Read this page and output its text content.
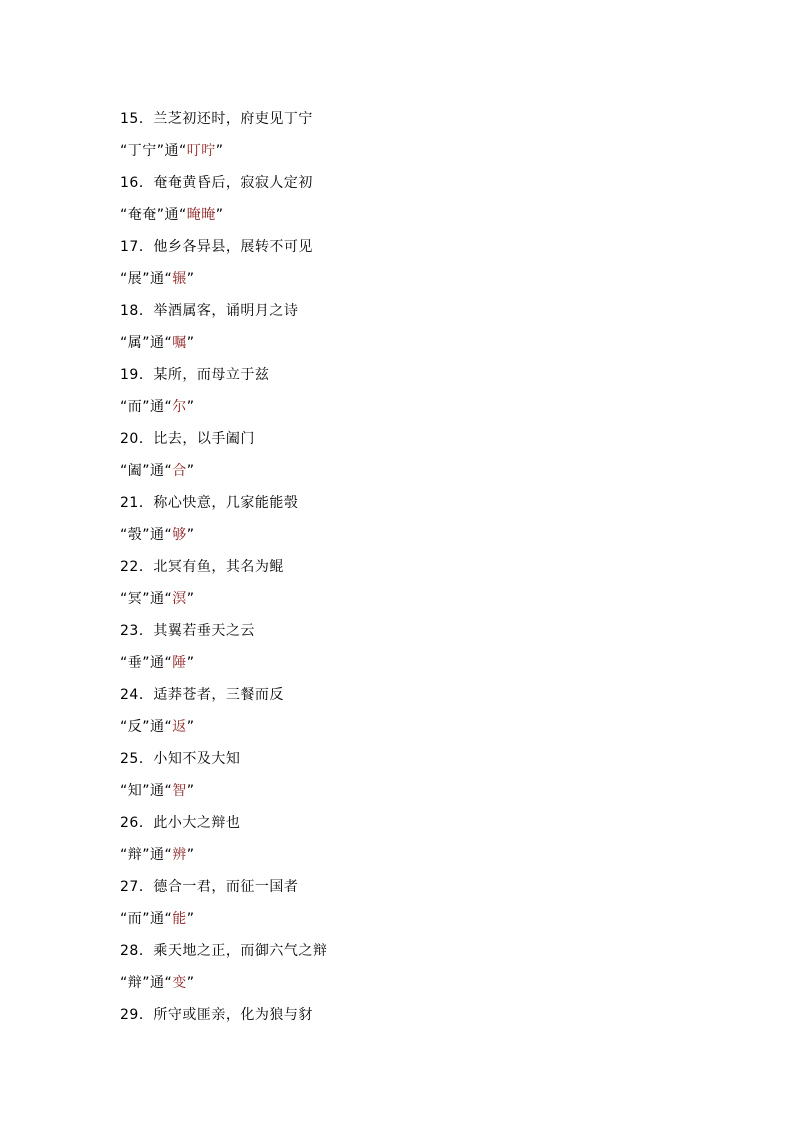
15．兰芝初还时，府吏见丁宁
“丁宁”通“叮咛”
16．奄奄黄昏后，寂寂人定初
“奄奄”通“晻晻”
17．他乡各异县，展转不可见
“展”通“辗”
18．举酒属客，诵明月之诗
“属”通“嘱”
19．某所，而母立于兹
“而”通“尔”
20．比去，以手阖门
“阖”通“合”
21．称心快意，几家能能彀
“彀”通“够”
22．北冥有鱼，其名为鲲
“冥”通“溟”
23．其翼若垂天之云
“垂”通“陲”
24．适莽苍者，三餐而反
“反”通“返”
25．小知不及大知
“知”通“智”
26．此小大之辩也
“辩”通“辨”
27．德合一君，而征一国者
“而”通“能”
28．乘天地之正，而御六气之辩
“辩”通“变”
29．所守或匪亲，化为狼与豺
